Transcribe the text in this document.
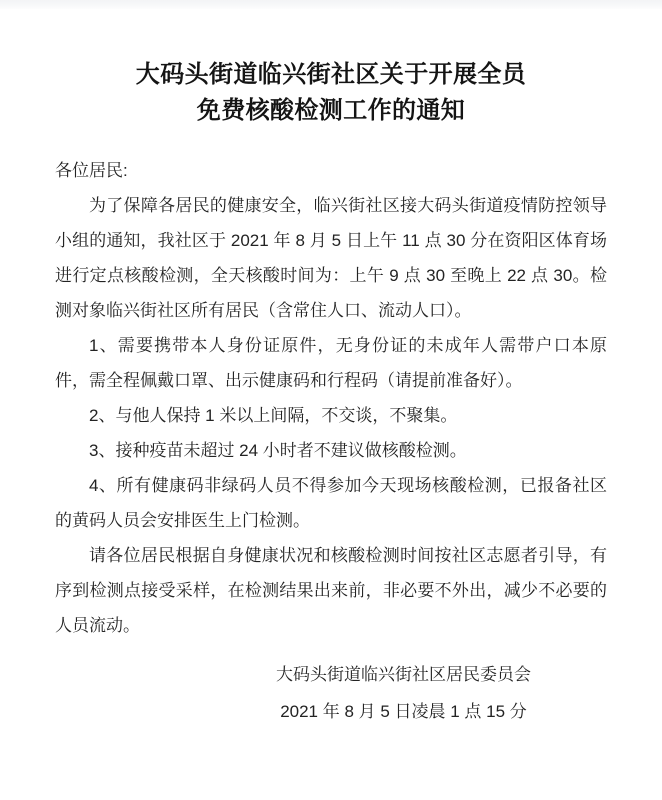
大码头街道临兴街社区关于开展全员
免费核酸检测工作的通知

各位居民:

为了保障各居民的健康安全，临兴街社区接大码头街道疫情防控领导小组的通知，我社区于 2021 年 8 月 5 日上午 11 点 30 分在资阳区体育场进行定点核酸检测，全天核酸时间为：上午 9 点 30 至晚上 22 点 30。检测对象临兴街社区所有居民（含常住人口、流动人口）。

1、需要携带本人身份证原件，无身份证的未成年人需带户口本原件，需全程佩戴口罩、出示健康码和行程码（请提前准备好）。

2、与他人保持 1 米以上间隔，不交谈，不聚集。

3、接种疫苗未超过 24 小时者不建议做核酸检测。

4、所有健康码非绿码人员不得参加今天现场核酸检测，已报备社区的黄码人员会安排医生上门检测。

请各位居民根据自身健康状况和核酸检测时间按社区志愿者引导，有序到检测点接受采样，在检测结果出来前，非必要不外出，减少不必要的人员流动。

大码头街道临兴街社区居民委员会
2021 年 8 月 5 日凌晨 1 点 15 分
